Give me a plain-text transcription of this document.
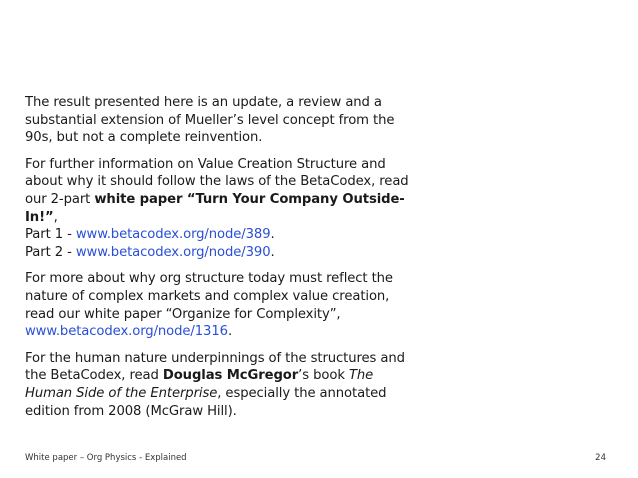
The result presented here is an update, a review and a substantial extension of Mueller’s level concept from the 90s, but not a complete reinvention.

For further information on Value Creation Structure and about why it should follow the laws of the BetaCodex, read our 2-part white paper “Turn Your Company Outside-In!”,
Part 1 - www.betacodex.org/node/389.
Part 2 - www.betacodex.org/node/390.

For more about why org structure today must reflect the nature of complex markets and complex value creation, read our white paper “Organize for Complexity”, www.betacodex.org/node/1316.

For the human nature underpinnings of the structures and the BetaCodex, read Douglas McGregor’s book The Human Side of the Enterprise, especially the annotated edition from 2008 (McGraw Hill).

White paper – Org Physics - Explained	24
